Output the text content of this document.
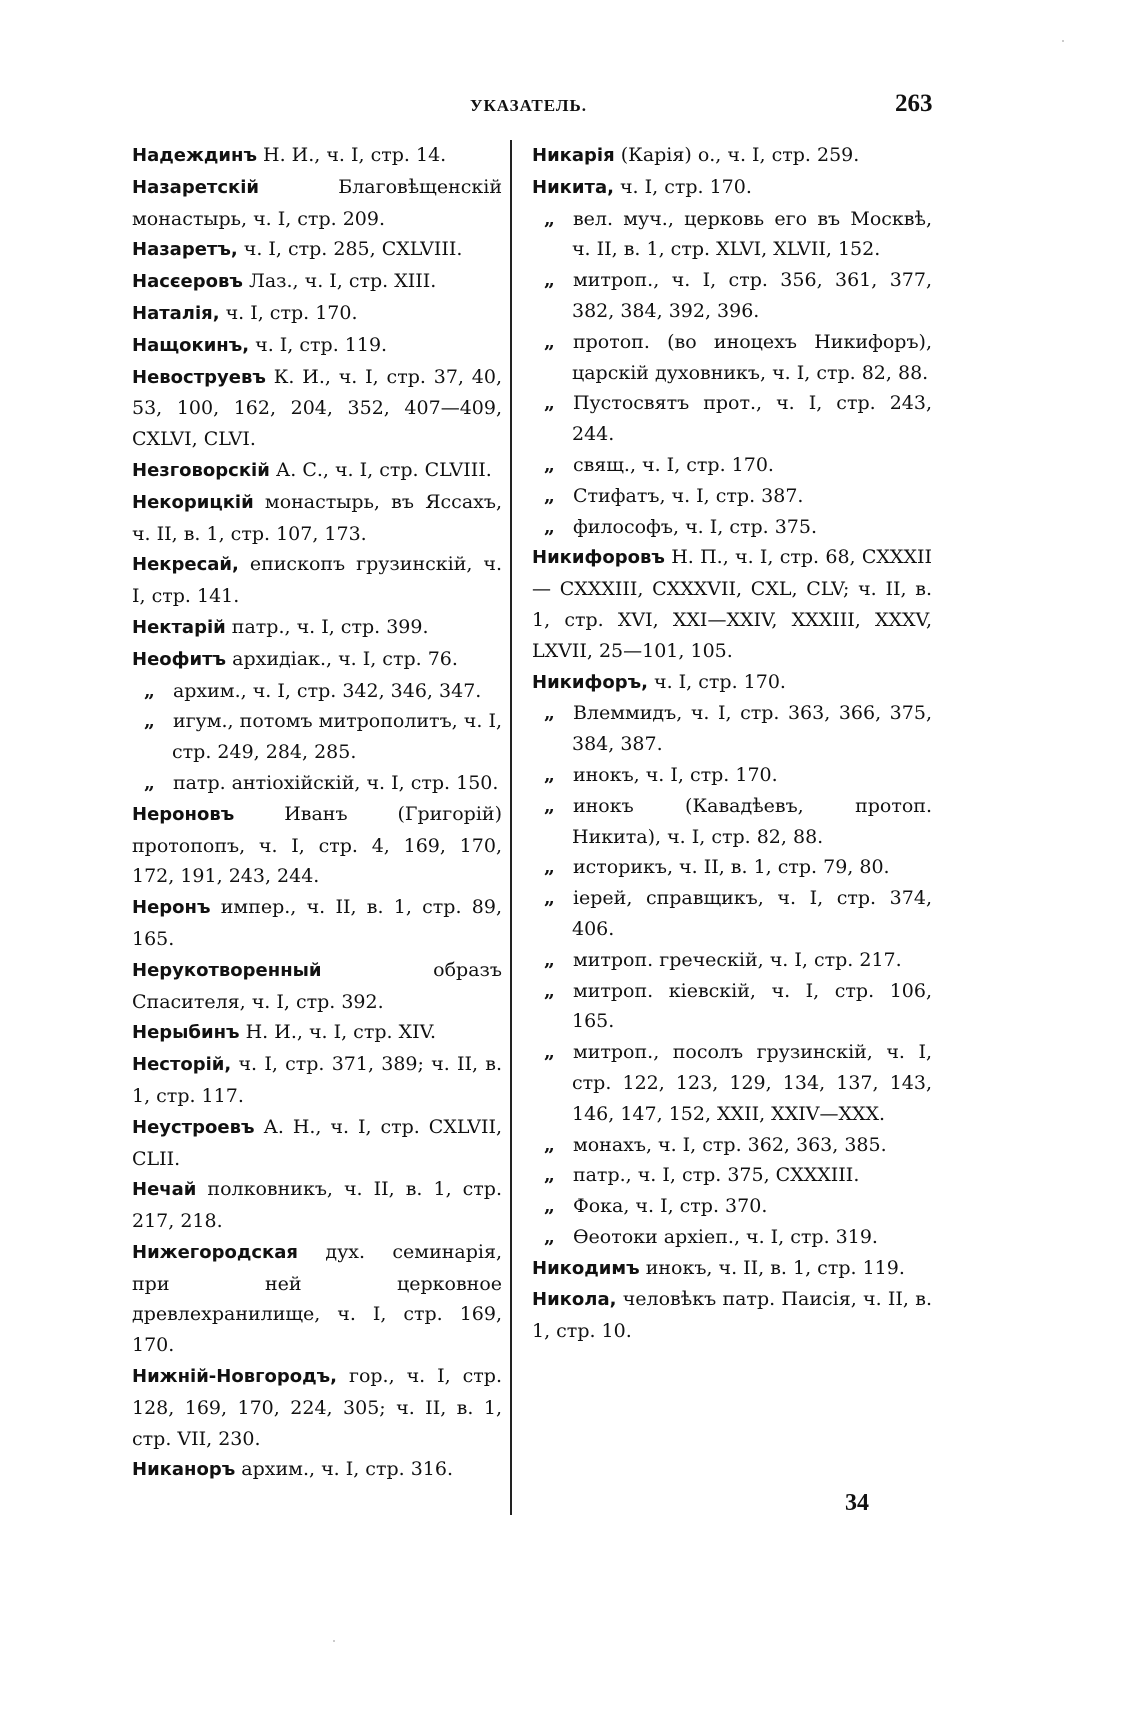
УКАЗАТЕЛЬ.	263

Надеждинъ Н. И., ч. I, стр. 14.

Назаретскій Благовѣщенскій монастырь, ч. I, стр. 209.

Назаретъ, ч. I, стр. 285, CXLVIII.

Насєеровъ Лаз., ч. I, стр. XIII.

Наталія, ч. I, стр. 170.

Нащокинъ, ч. I, стр. 119.

Невоструевъ К. И., ч. I, стр. 37, 40, 53, 100, 162, 204, 352, 407—409, CXLVI, CLVI.

Незговорскій А. С., ч. I, стр. CLVIII.

Некорицкій монастырь, въ Яссахъ, ч. II, в. 1, стр. 107, 173.

Некресай, епископъ грузинскій, ч. I, стр. 141.

Нектарій патр., ч. I, стр. 399.

Неофитъ архидіак., ч. I, стр. 76.

„ архим., ч. I, стр. 342, 346, 347.

„ игум., потомъ митрополитъ, ч. I, стр. 249, 284, 285.

„ патр. антіохійскій, ч. I, стр. 150.

Нероновъ Иванъ (Григорій) протопопъ, ч. I, стр. 4, 169, 170, 172, 191, 243, 244.

Неронъ импер., ч. II, в. 1, стр. 89, 165.

Нерукотворенный образъ Спасителя, ч. I, стр. 392.

Нерыбинъ Н. И., ч. I, стр. XIV.

Несторій, ч. I, стр. 371, 389; ч. II, в. 1, стр. 117.

Неустроевъ А. Н., ч. I, стр. CXLVII, CLII.

Нечай полковникъ, ч. II, в. 1, стр. 217, 218.

Нижегородская дух. семинарія, при ней церковное древлехранилище, ч. I, стр. 169, 170.

Нижній-Новгородъ, гор., ч. I, стр. 128, 169, 170, 224, 305; ч. II, в. 1, стр. VII, 230.

Никаноръ архим., ч. I, стр. 316.

Никарія (Карія) о., ч. I, стр. 259.

Никита, ч. I, стр. 170.

„ вел. муч., церковь его въ Москвѣ, ч. II, в. 1, стр. XLVI, XLVII, 152.

„ митроп., ч. I, стр. 356, 361, 377, 382, 384, 392, 396.

„ протоп. (во иноцехъ Никифоръ), царскій духовникъ, ч. I, стр. 82, 88.

„ Пустосвятъ прот., ч. I, стр. 243, 244.

„ свящ., ч. I, стр. 170.

„ Стифатъ, ч. I, стр. 387.

„ философъ, ч. I, стр. 375.

Никифоровъ Н. П., ч. I, стр. 68, CXXXII — CXXXIII, CXXXVII, CXL, CLV; ч. II, в. 1, стр. XVI, XXI—XXIV, XXXIII, XXXV, LXVII, 25—101, 105.

Никифоръ, ч. I, стр. 170.

„ Влеммидъ, ч. I, стр. 363, 366, 375, 384, 387.

„ инокъ, ч. I, стр. 170.

„ инокъ (Кавадѣевъ, протоп. Никита), ч. I, стр. 82, 88.

„ историкъ, ч. II, в. 1, стр. 79, 80.

„ іерей, справщикъ, ч. I, стр. 374, 406.

„ митроп. греческій, ч. I, стр. 217.

„ митроп. кіевскій, ч. I, стр. 106, 165.

„ митроп., посолъ грузинскій, ч. I, стр. 122, 123, 129, 134, 137, 143, 146, 147, 152, XXII, XXIV—XXX.

„ монахъ, ч. I, стр. 362, 363, 385.

„ патр., ч. I, стр. 375, CXXXIII.

„ Фока, ч. I, стр. 370.

„ Ѳеотоки архіеп., ч. I, стр. 319.

Никодимъ инокъ, ч. II, в. 1, стр. 119.

Никола, человѣкъ патр. Паисія, ч. II, в. 1, стр. 10.

34
